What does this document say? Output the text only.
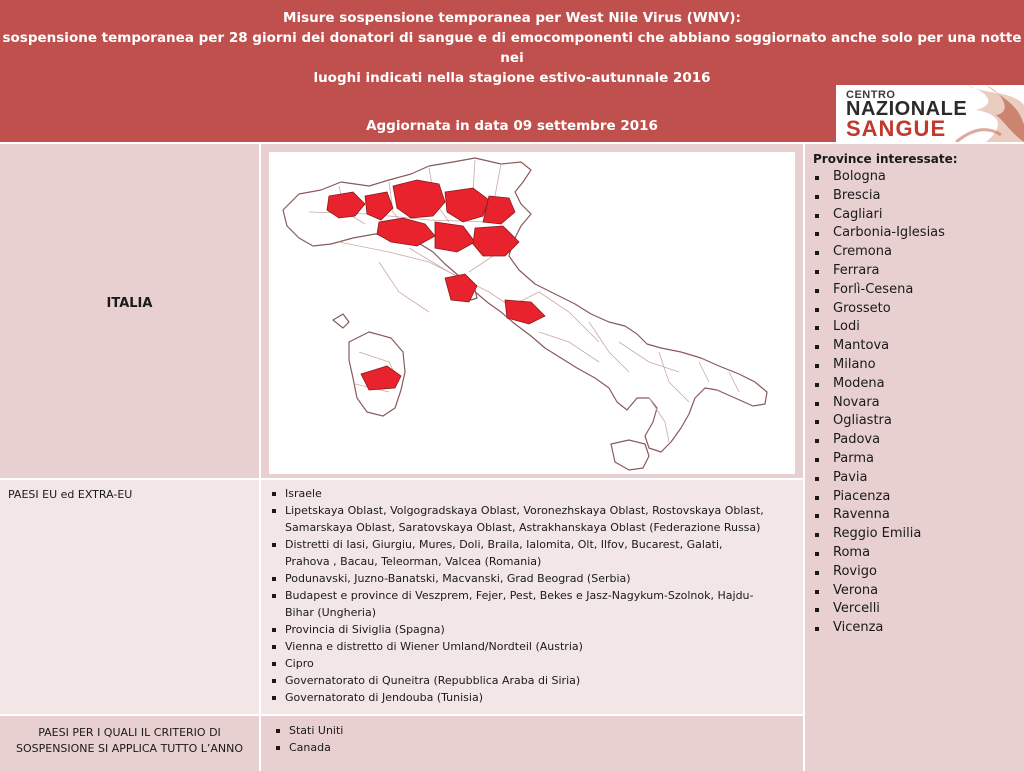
Misure sospensione temporanea per West Nile Virus (WNV):
sospensione temporanea per 28 giorni dei donatori di sangue e di emocomponenti che abbiano soggiornato anche solo per una notte nei
luoghi indicati nella stagione estivo-autunnale 2016
Aggiornata in data 09 settembre 2016
CENTRO
NAZIONALE
SANGUE
ITALIA
Province interessate:
Bologna
Brescia
Cagliari
Carbonia-Iglesias
Cremona
Ferrara
Forlì-Cesena
Grosseto
Lodi
Mantova
Milano
Modena
Novara
Ogliastra
Padova
Parma
Pavia
Piacenza
Ravenna
Reggio Emilia
Roma
Rovigo
Verona
Vercelli
Vicenza
PAESI EU ed EXTRA-EU	Israele
Lipetskaya Oblast, Volgogradskaya Oblast, Voronezhskaya Oblast, Rostovskaya Oblast,
Samarskaya Oblast, Saratovskaya Oblast, Astrakhanskaya Oblast (Federazione Russa)
Distretti di Iasi, Giurgiu, Mures, Doli, Braila, Ialomita, Olt, Ilfov, Bucarest, Galati,
Prahova , Bacau, Teleorman, Valcea (Romania)
Podunavski, Juzno-Banatski, Macvanski, Grad Beograd (Serbia)
Budapest e province di Veszprem, Fejer, Pest, Bekes e Jasz-Nagykum-Szolnok, Hajdu-
Bihar (Ungheria)
Provincia di Siviglia (Spagna)
Vienna e distretto di Wiener Umland/Nordteil (Austria)
Cipro
Governatorato di Quneitra (Repubblica Araba di Siria)
Governatorato di Jendouba (Tunisia)
PAESI PER I QUALI IL CRITERIO DI
SOSPENSIONE SI APPLICA TUTTO L’ANNO
Stati Uniti
Canada
